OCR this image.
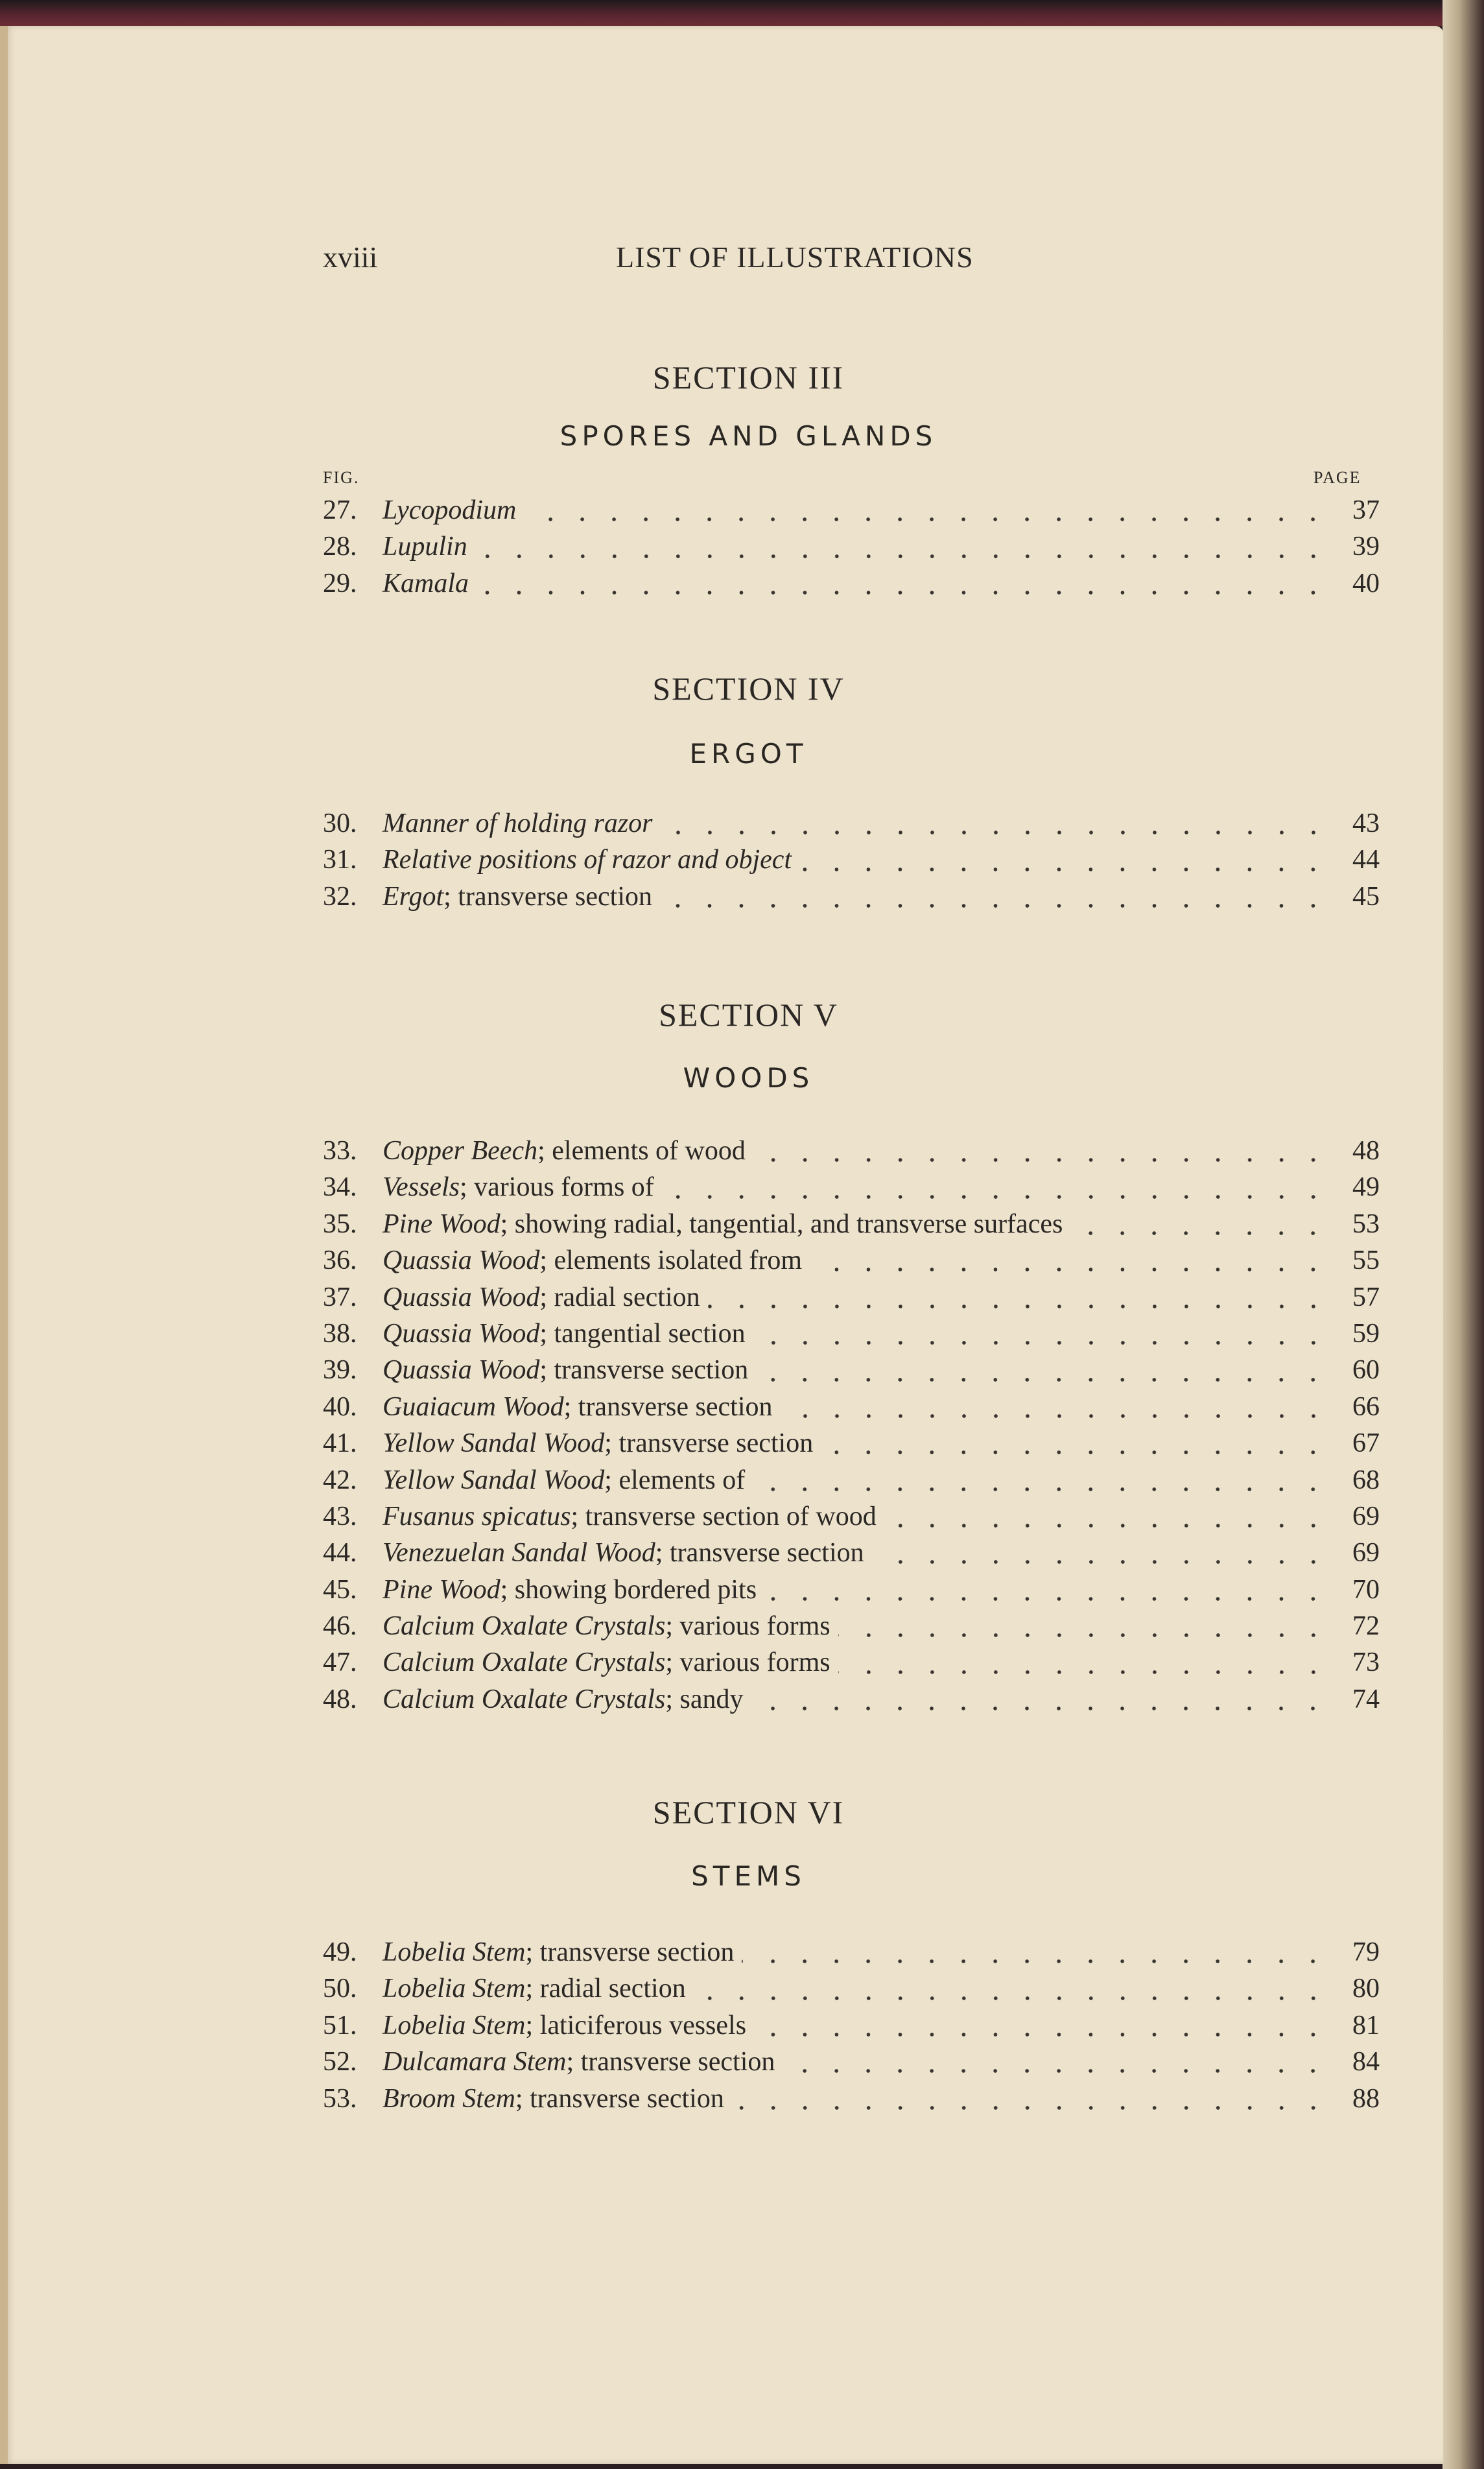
xviii	LIST OF ILLUSTRATIONS
FIG.	PAGE
SECTION III
SPORES AND GLANDS
27. Lycopodium	37
28. Lupulin	39
29. Kamala	40
SECTION IV
ERGOT
30. Manner of holding razor	43
31. Relative positions of razor and object	44
32. Ergot ; transverse section	45
SECTION V
WOODS
33. Copper Beech ; elements of wood	48
34. Vessels ; various forms of	49
35. Pine Wood ; showing radial, tangential, and transverse surfaces	53
36. Quassia Wood ; elements isolated from	55
37. Quassia Wood ; radial section	57
38. Quassia Wood ; tangential section	59
39. Quassia Wood ; transverse section	60
40. Guaiacum Wood ; transverse section	66
41. Yellow Sandal Wood ; transverse section	67
42. Yellow Sandal Wood ; elements of	68
43. Fusanus spicatus ; transverse section of wood	69
44. Venezuelan Sandal Wood ; transverse section	69
45. Pine Wood ; showing bordered pits	70
46. Calcium Oxalate Crystals ; various forms	72
47. Calcium Oxalate Crystals ; various forms	73
48. Calcium Oxalate Crystals ; sandy	74
SECTION VI
STEMS
49. Lobelia Stem ; transverse section	79
50. Lobelia Stem ; radial section	80
51. Lobelia Stem ; laticiferous vessels	81
52. Dulcamara Stem ; transverse section	84
53. Broom Stem ; transverse section	88
